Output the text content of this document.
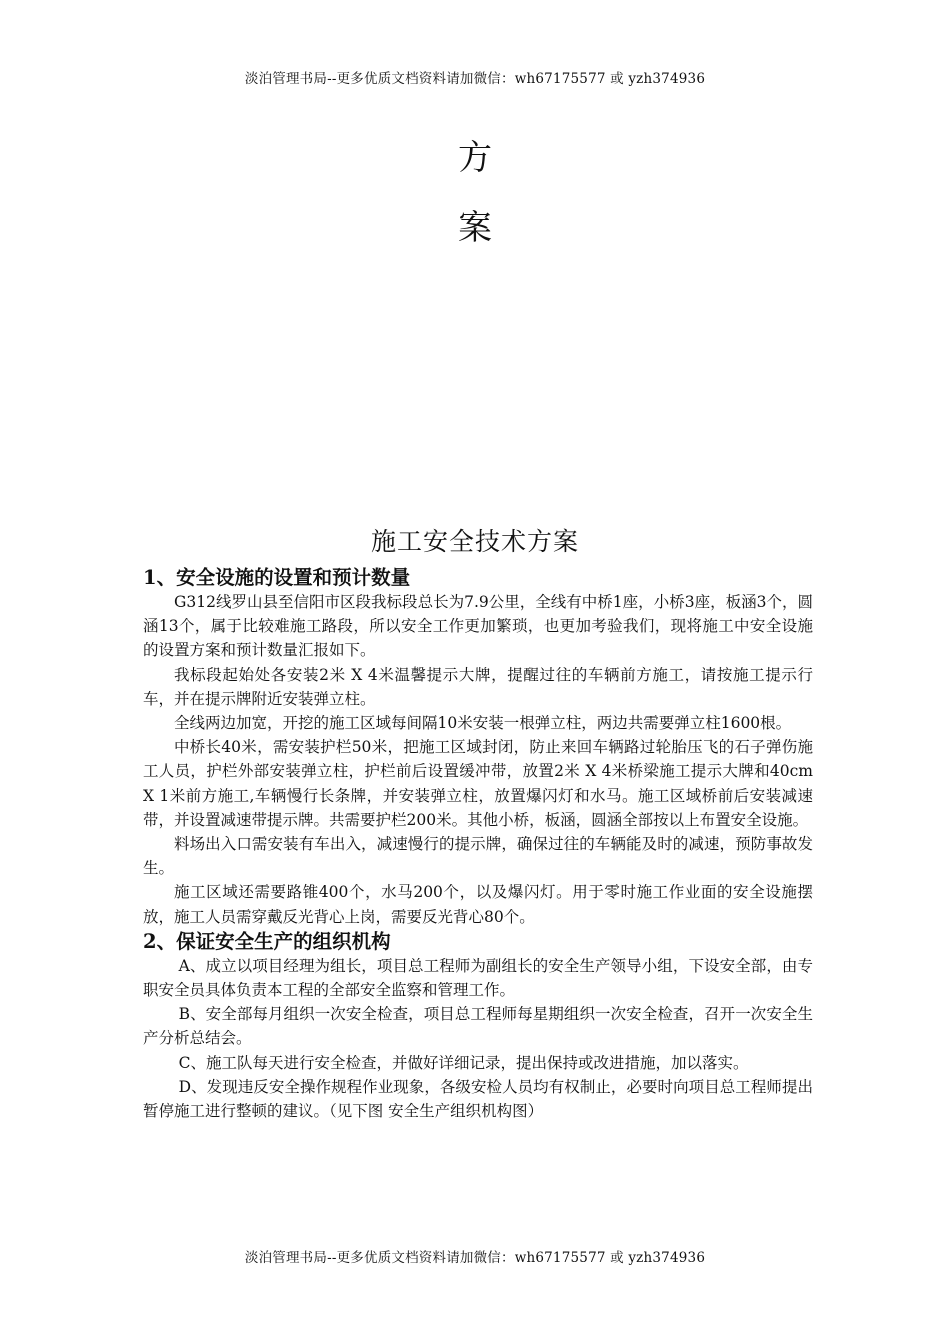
淡泊管理书局--更多优质文档资料请加微信：wh67175577 或 yzh374936
方
案
施工安全技术方案
1、安全设施的设置和预计数量

G312线罗山县至信阳市区段我标段总长为7.9公里，全线有中桥1座，小桥3座，板涵3个，圆涵13个，属于比较难施工路段，所以安全工作更加繁琐，也更加考验我们，现将施工中安全设施的设置方案和预计数量汇报如下。

我标段起始处各安装2米 X 4米温馨提示大牌，提醒过往的车辆前方施工，请按施工提示行车，并在提示牌附近安装弹立柱。

全线两边加宽，开挖的施工区域每间隔10米安装一根弹立柱，两边共需要弹立柱1600根。

中桥长40米，需安装护栏50米，把施工区域封闭，防止来回车辆路过轮胎压飞的石子弹伤施工人员，护栏外部安装弹立柱，护栏前后设置缓冲带，放置2米 X 4米桥梁施工提示大牌和40cm X 1米前方施工,车辆慢行长条牌，并安装弹立柱，放置爆闪灯和水马。施工区域桥前后安装减速带，并设置减速带提示牌。共需要护栏200米。其他小桥，板涵，圆涵全部按以上布置安全设施。

料场出入口需安装有车出入，减速慢行的提示牌，确保过往的车辆能及时的减速，预防事故发生。

施工区域还需要路锥400个，水马200个，以及爆闪灯。用于零时施工作业面的安全设施摆放，施工人员需穿戴反光背心上岗，需要反光背心80个。

2、保证安全生产的组织机构

A、成立以项目经理为组长，项目总工程师为副组长的安全生产领导小组，下设安全部，由专职安全员具体负责本工程的全部安全监察和管理工作。

B、安全部每月组织一次安全检查，项目总工程师每星期组织一次安全检查，召开一次安全生产分析总结会。

C、施工队每天进行安全检查，并做好详细记录，提出保持或改进措施，加以落实。

D、发现违反安全操作规程作业现象，各级安检人员均有权制止，必要时向项目总工程师提出暂停施工进行整顿的建议。（见下图 安全生产组织机构图）

淡泊管理书局--更多优质文档资料请加微信：wh67175577 或 yzh374936
